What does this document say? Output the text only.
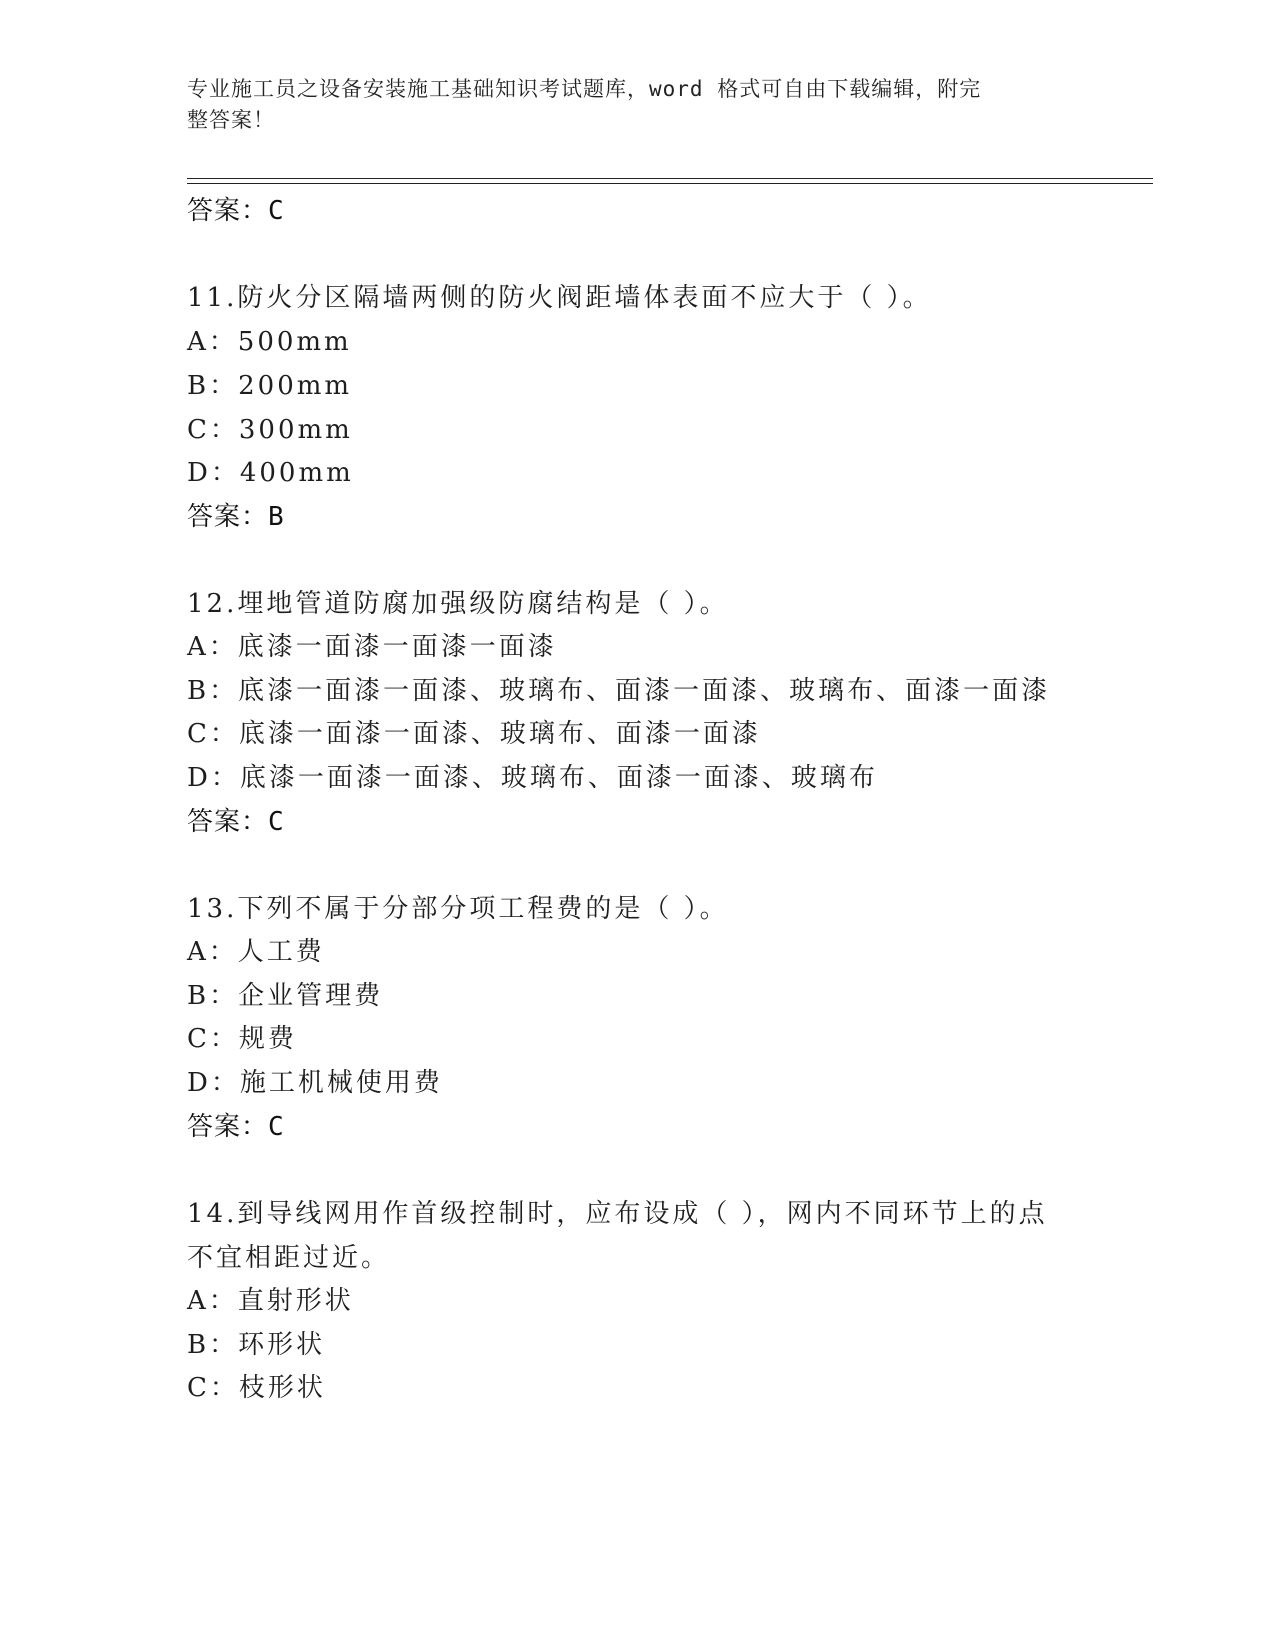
专业施工员之设备安装施工基础知识考试题库，word 格式可自由下载编辑，附完
整答案！
答案：C
11.防火分区隔墙两侧的防火阀距墙体表面不应大于（ ）。
A：500mm
B：200mm
C：300mm
D：400mm
答案：B
12.埋地管道防腐加强级防腐结构是（ ）。
A：底漆一面漆一面漆一面漆
B：底漆一面漆一面漆、玻璃布、面漆一面漆、玻璃布、面漆一面漆
C：底漆一面漆一面漆、玻璃布、面漆一面漆
D：底漆一面漆一面漆、玻璃布、面漆一面漆、玻璃布
答案：C
13.下列不属于分部分项工程费的是（ ）。
A：人工费
B：企业管理费
C：规费
D：施工机械使用费
答案：C
14.到导线网用作首级控制时，应布设成（ ），网内不同环节上的点
不宜相距过近。
A：直射形状
B：环形状
C：枝形状
